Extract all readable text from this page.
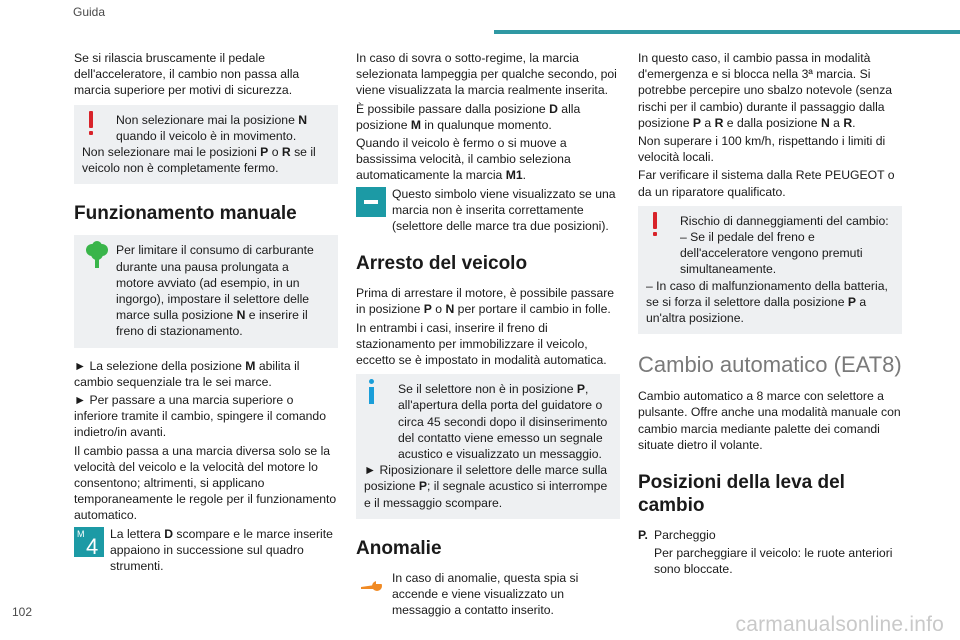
Guida

Se si rilascia bruscamente il pedale dell'acceleratore, il cambio non passa alla marcia superiore per motivi di sicurezza.

Non selezionare mai la posizione N quando il veicolo è in movimento.

Non selezionare mai le posizioni P o R se il veicolo non è completamente fermo.

Funzionamento manuale

Per limitare il consumo di carburante durante una pausa prolungata a motore avviato (ad esempio, in un ingorgo), impostare il selettore delle marce sulla posizione N e inserire il freno di stazionamento.

► La selezione della posizione M abilita il cambio sequenziale tra le sei marce.

► Per passare a una marcia superiore o inferiore tramite il cambio, spingere il comando indietro/in avanti.

Il cambio passa a una marcia diversa solo se la velocità del veicolo e la velocità del motore lo consentono; altrimenti, si applicano temporaneamente le regole per il funzionamento automatico.

M 4 La lettera D scompare e le marce inserite appaiono in successione sul quadro strumenti.

In caso di sovra o sotto-regime, la marcia selezionata lampeggia per qualche secondo, poi viene visualizzata la marcia realmente inserita.

È possibile passare dalla posizione D alla posizione M in qualunque momento.

Quando il veicolo è fermo o si muove a bassissima velocità, il cambio seleziona automaticamente la marcia M1.

Questo simbolo viene visualizzato se una marcia non è inserita correttamente (selettore delle marce tra due posizioni).

Arresto del veicolo

Prima di arrestare il motore, è possibile passare in posizione P o N per portare il cambio in folle.

In entrambi i casi, inserire il freno di stazionamento per immobilizzare il veicolo, eccetto se è impostato in modalità automatica.

Se il selettore non è in posizione P, all'apertura della porta del guidatore o circa 45 secondi dopo il disinserimento del contatto viene emesso un segnale acustico e visualizzato un messaggio.

► Riposizionare il selettore delle marce sulla posizione P; il segnale acustico si interrompe e il messaggio scompare.

Anomalie

In caso di anomalie, questa spia si accende e viene visualizzato un messaggio a contatto inserito.

In questo caso, il cambio passa in modalità d'emergenza e si blocca nella 3ª marcia. Si potrebbe percepire uno sbalzo notevole (senza rischi per il cambio) durante il passaggio dalla posizione P a R e dalla posizione N a R.

Non superare i 100 km/h, rispettando i limiti di velocità locali.

Far verificare il sistema dalla Rete PEUGEOT o da un riparatore qualificato.

Rischio di danneggiamenti del cambio:

– Se il pedale del freno e dell'acceleratore vengono premuti simultaneamente.

– In caso di malfunzionamento della batteria, se si forza il selettore dalla posizione P a un'altra posizione.

Cambio automatico (EAT8)

Cambio automatico a 8 marce con selettore a pulsante. Offre anche una modalità manuale con cambio marcia mediante palette dei comandi situate dietro il volante.

Posizioni della leva del cambio
P. Parcheggio

Per parcheggiare il veicolo: le ruote anteriori sono bloccate.

102
carmanualsonline.info
